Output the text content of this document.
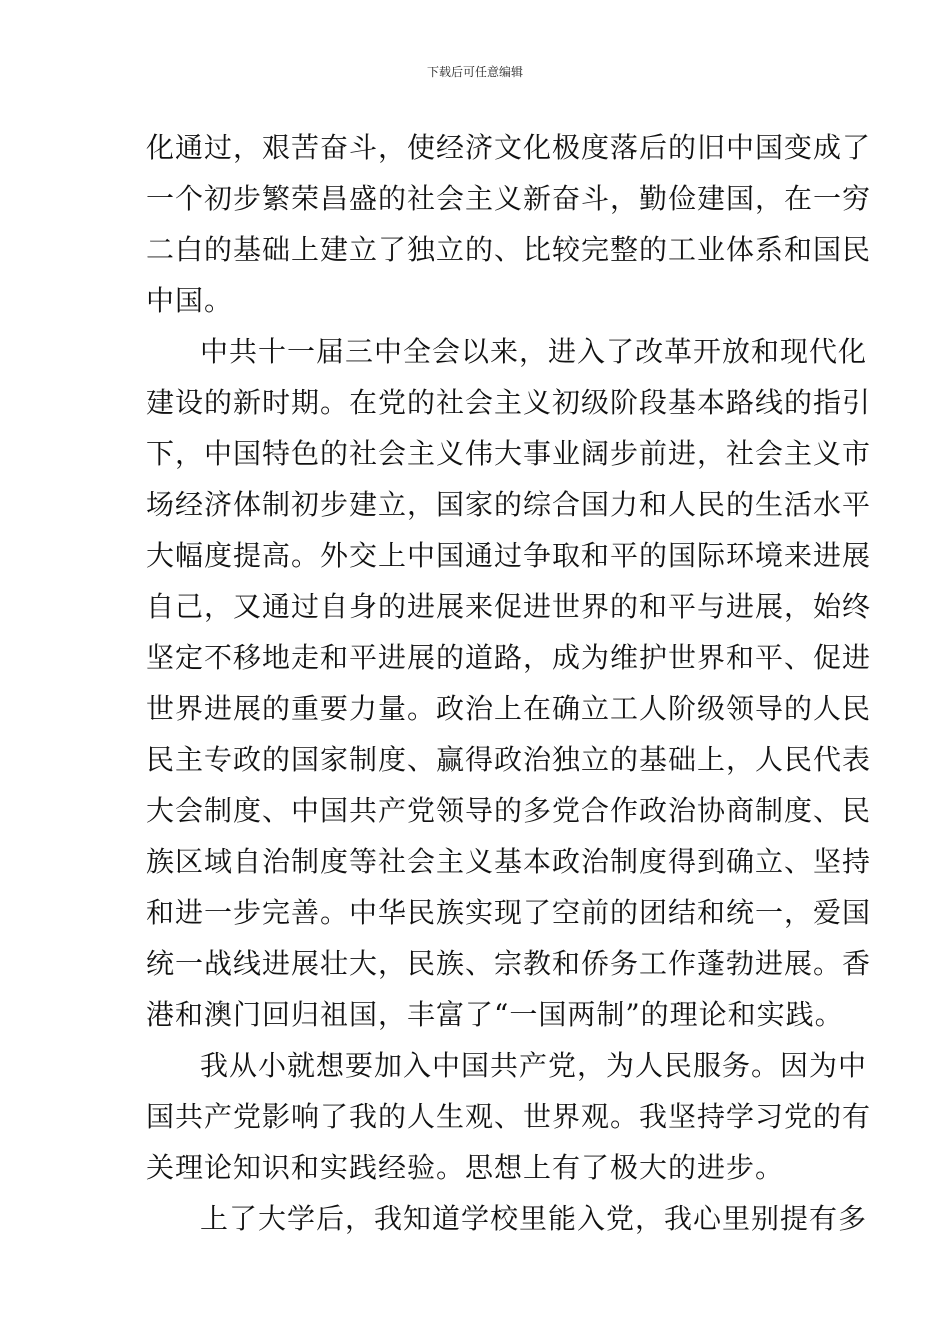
下载后可任意编辑
化通过，艰苦奋斗，使经济文化极度落后的旧中国变成了
一个初步繁荣昌盛的社会主义新奋斗，勤俭建国，在一穷
二白的基础上建立了独立的、比较完整的工业体系和国民
中国。
中共十一届三中全会以来，进入了改革开放和现代化
建设的新时期。在党的社会主义初级阶段基本路线的指引
下，中国特色的社会主义伟大事业阔步前进，社会主义市
场经济体制初步建立，国家的综合国力和人民的生活水平
大幅度提高。外交上中国通过争取和平的国际环境来进展
自己，又通过自身的进展来促进世界的和平与进展，始终
坚定不移地走和平进展的道路，成为维护世界和平、促进
世界进展的重要力量。政治上在确立工人阶级领导的人民
民主专政的国家制度、赢得政治独立的基础上，人民代表
大会制度、中国共产党领导的多党合作政治协商制度、民
族区域自治制度等社会主义基本政治制度得到确立、坚持
和进一步完善。中华民族实现了空前的团结和统一，爱国
统一战线进展壮大，民族、宗教和侨务工作蓬勃进展。香
港和澳门回归祖国，丰富了“一国两制”的理论和实践。
我从小就想要加入中国共产党，为人民服务。因为中
国共产党影响了我的人生观、世界观。我坚持学习党的有
关理论知识和实践经验。思想上有了极大的进步。
上了大学后，我知道学校里能入党，我心里别提有多
